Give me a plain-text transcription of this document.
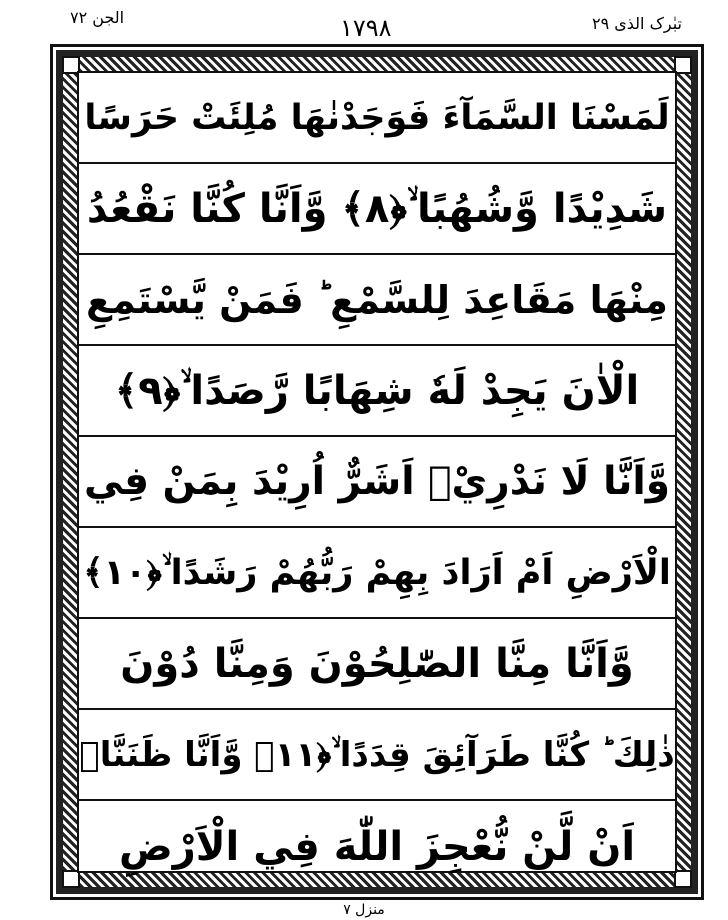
الجن ۷۲	۱۷۹۸	تبٰرک الذی ۲۹
لَمَسْنَا السَّمَآءَ فَوَجَدْنٰهَا مُلِئَتْ حَرَسًا
شَدِيْدًا وَّشُهُبًا ۙ﴿۸﴾ وَّاَنَّا كُنَّا نَقْعُدُ
مِنْهَا مَقَاعِدَ لِلسَّمْعِ ؕ فَمَنْ يَّسْتَمِعِ
الْاٰنَ يَجِدْ لَهٗ شِهَابًا رَّصَدًا ۙ﴿۹﴾
وَّاَنَّا لَا نَدْرِيْۤ اَشَرٌّ اُرِيْدَ بِمَنْ فِي
الْاَرْضِ اَمْ اَرَادَ بِهِمْ رَبُّهُمْ رَشَدًا ۙ﴿۱۰﴾
وَّاَنَّا مِنَّا الصّٰلِحُوْنَ وَمِنَّا دُوْنَ
ذٰلِكَ ؕ كُنَّا طَرَآئِقَ قِدَدًا ۙ﴿۱۱﴾ وَّاَنَّا ظَنَنَّاۤ
اَنْ لَّنْ نُّعْجِزَ اللّٰهَ فِي الْاَرْضِ
منزل ۷
